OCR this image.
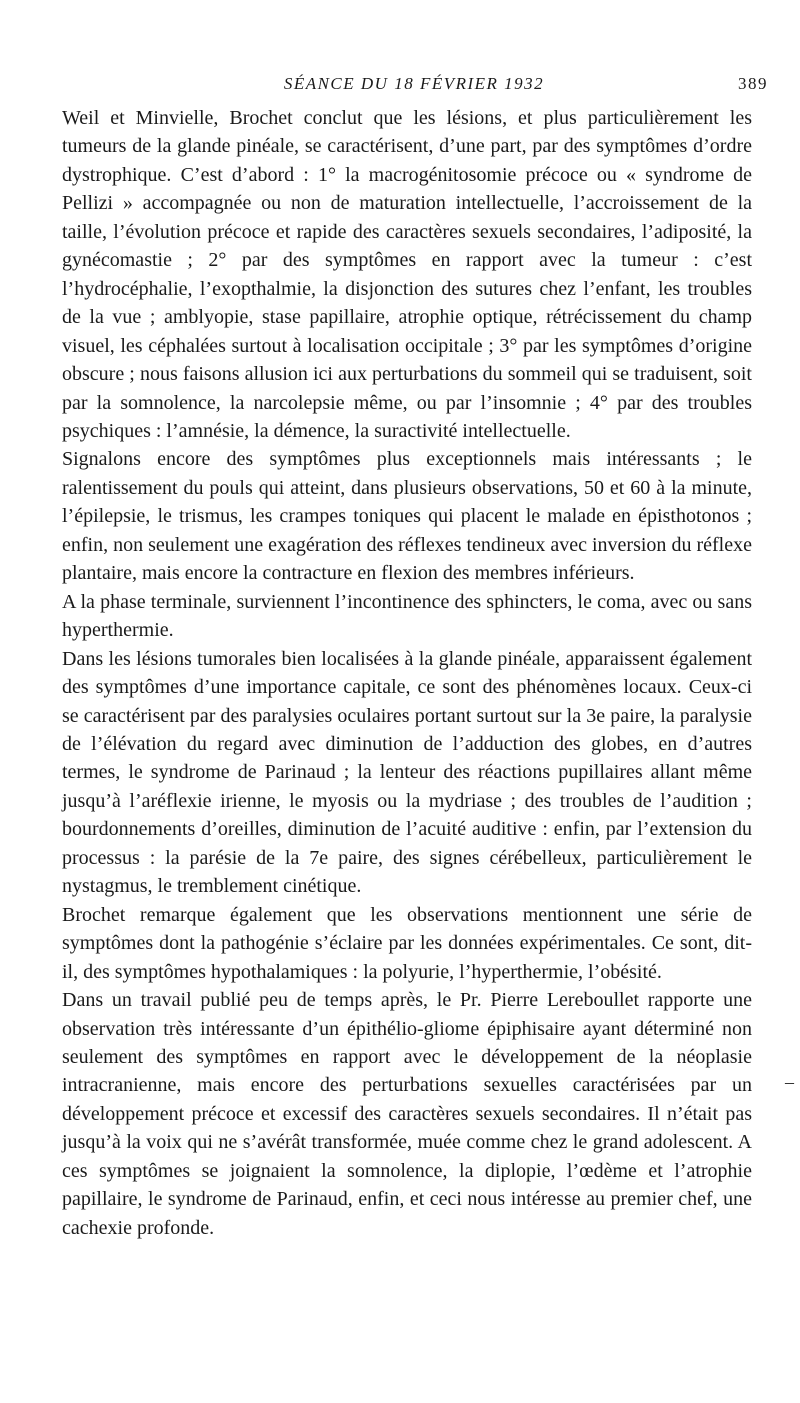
SÉANCE DU 18 FÉVRIER 1932	389

Weil et Minvielle, Brochet conclut que les lésions, et plus particulièrement les tumeurs de la glande pinéale, se caractérisent, d’une part, par des symptômes d’ordre dystrophique. C’est d’abord : 1° la macrogénitosomie précoce ou « syndrome de Pellizi » accompagnée ou non de maturation intellectuelle, l’accroissement de la taille, l’évolution précoce et rapide des caractères sexuels secondaires, l’adiposité, la gynécomastie ; 2° par des symptômes en rapport avec la tumeur : c’est l’hydrocéphalie, l’exopthalmie, la disjonction des sutures chez l’enfant, les troubles de la vue ; amblyopie, stase papillaire, atrophie optique, rétrécissement du champ visuel, les céphalées surtout à localisation occipitale ; 3° par les symptômes d’origine obscure ; nous faisons allusion ici aux perturbations du sommeil qui se traduisent, soit par la somnolence, la narcolepsie même, ou par l’insomnie ; 4° par des troubles psychiques : l’amnésie, la démence, la suractivité intellectuelle.

Signalons encore des symptômes plus exceptionnels mais intéressants ; le ralentissement du pouls qui atteint, dans plusieurs observations, 50 et 60 à la minute, l’épilepsie, le trismus, les crampes toniques qui placent le malade en épisthotonos ; enfin, non seulement une exagération des réflexes tendineux avec inversion du réflexe plantaire, mais encore la contracture en flexion des membres inférieurs.

A la phase terminale, surviennent l’incontinence des sphincters, le coma, avec ou sans hyperthermie.

Dans les lésions tumorales bien localisées à la glande pinéale, apparaissent également des symptômes d’une importance capitale, ce sont des phénomènes locaux. Ceux-ci se caractérisent par des paralysies oculaires portant surtout sur la 3e paire, la paralysie de l’élévation du regard avec diminution de l’adduction des globes, en d’autres termes, le syndrome de Parinaud ; la lenteur des réactions pupillaires allant même jusqu’à l’aréflexie irienne, le myosis ou la mydriase ; des troubles de l’audition ; bourdonnements d’oreilles, diminution de l’acuité auditive : enfin, par l’extension du processus : la parésie de la 7e paire, des signes cérébelleux, particulièrement le nystagmus, le tremblement cinétique.

Brochet remarque également que les observations mentionnent une série de symptômes dont la pathogénie s’éclaire par les données expérimentales. Ce sont, dit-il, des symptômes hypothalamiques : la polyurie, l’hyperthermie, l’obésité.

Dans un travail publié peu de temps après, le Pr. Pierre Lereboullet rapporte une observation très intéressante d’un épithélio-gliome épiphisaire ayant déterminé non seulement des symptômes en rapport avec le développement de la néoplasie intracranienne, mais encore des perturbations sexuelles caractérisées par un développement précoce et excessif des caractères sexuels secondaires. Il n’était pas jusqu’à la voix qui ne s’avérât transformée, muée comme chez le grand adolescent. A ces symptômes se joignaient la somnolence, la diplopie, l’œdème et l’atrophie papillaire, le syndrome de Parinaud, enfin, et ceci nous intéresse au premier chef, une cachexie profonde.

–
